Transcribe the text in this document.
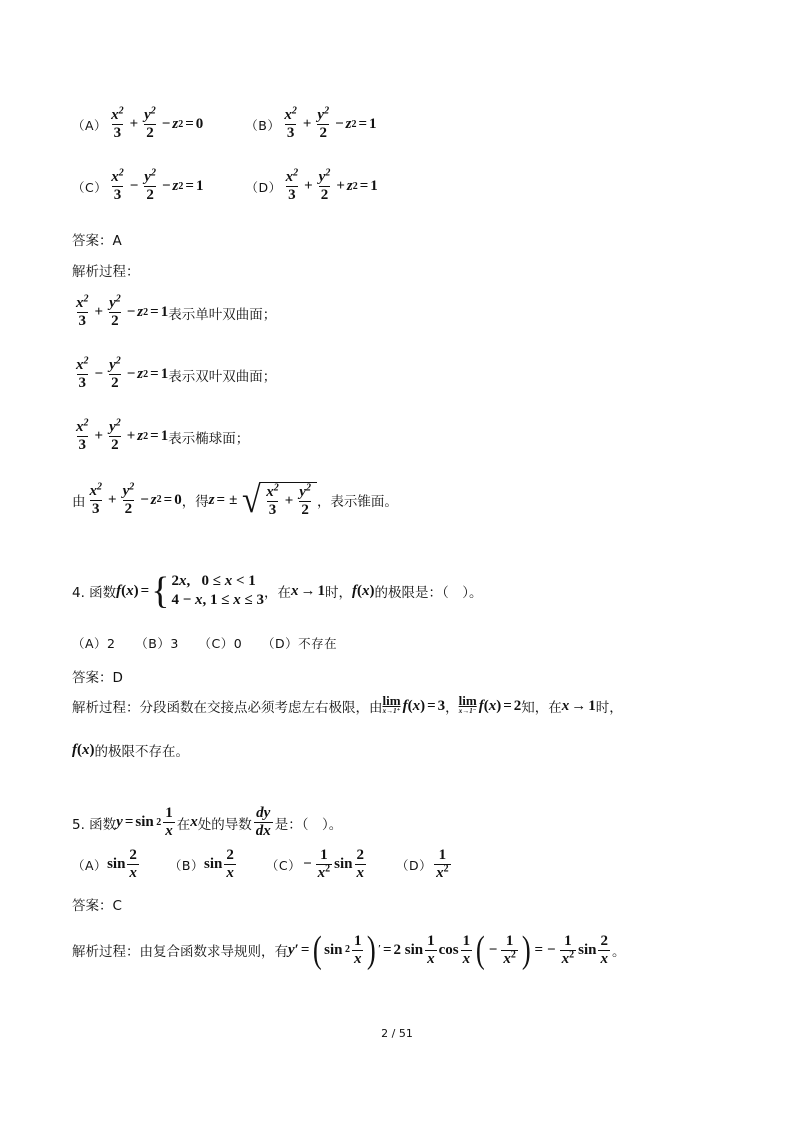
$(A) \frac{x^2}{3} + \frac{y^2}{2} - z$ 2 = 0	$(B) \frac{x^2}{3} + \frac{y^2}{2} - z$ 2 = 1
$(C) \frac{x^2}{3} - \frac{y^2}{2} - z$ 2 = 1	$(D) \frac{x^2}{3} + \frac{y^2}{2} + z$ 2 = 1
答案：A
解析过程：
$\frac{x^2}{3} + \frac{y^2}{2} - z$ 2 = 1 表示单叶双曲面；
$\frac{x^2}{3} - \frac{y^2}{2} - z$ 2 = 1 表示双叶双曲面；
$\frac{x^2}{3} + \frac{y^2}{2} + z$ 2 = 1 表示椭球面；
由 $\frac{x^2}{3} + \frac{y^2}{2} - z$ 2 = 0 ，得 z = ± √ $\frac{x^2}{3} + \frac{y^2}{2}$ ，表示锥面。
4. 函数 f ( x ) = { 2x,   0 ≤ x < 1
4 − x, 1 ≤ x ≤ 3 ，在 x → 1 时， f ( x ) 的极限是：（　）。
（A）2　　（B）3　　（C）0　　（D）不存在
答案：D
解析过程：分段函数在交接点必须考虑左右极限，由 lim
x→1⁺ f ( x ) = 3 ， lim
x→1⁻ f ( x ) = 2 知，在 x → 1 时，
f ( x ) 的极限不存在。
5. 函数 $y = \sin 2 \frac{1}{x}$ 在 x 处的导数 $\frac{dy}{dx}$ 是：（　）。
（A） $\sin \frac{2}{x} (B)$ $\sin \frac{2}{x} (C) - \frac{1}{x^2}$ $\sin \frac{2}{x} (D) \frac{1}{x^2}$
答案：C
解析过程：由复合函数求导规则，有 y ′ = ( $\sin 2 \frac{1}{x}$ ) ′ = 2 $\sin \frac{1}{x}$ $\cos \frac{1}{x}$ ( − $\frac{1}{x^2}$ ) = − $\frac{1}{x^2}$ $\sin \frac{2}{x}$ 。
2 / 51
